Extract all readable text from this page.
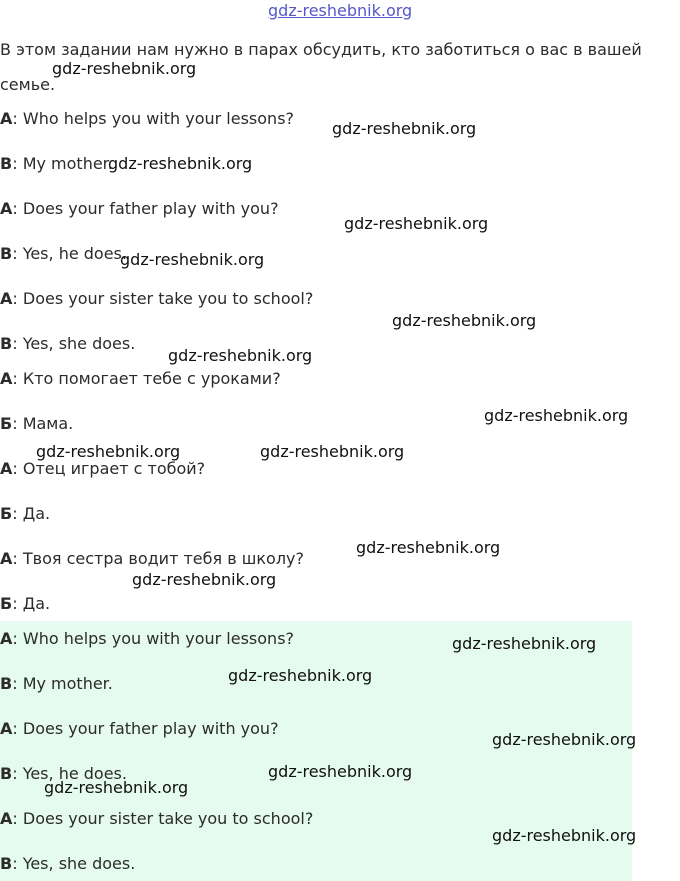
gdz-reshebnik.org
В этом задании нам нужно в парах обсудить, кто заботиться о вас в вашей семье.
A: Who helps you with your lessons?
B: My mother.
A: Does your father play with you?
B: Yes, he does.
A: Does your sister take you to school?
B: Yes, she does.
А: Кто помогает тебе с уроками?
Б: Мама.
А: Отец играет с тобой?
Б: Да.
А: Твоя сестра водит тебя в школу?
Б: Да.
A: Who helps you with your lessons?
B: My mother.
A: Does your father play with you?
B: Yes, he does.
A: Does your sister take you to school?
B: Yes, she does.
gdz-reshebnik.org
gdz-reshebnik.org
gdz-reshebnik.org
gdz-reshebnik.org
gdz-reshebnik.org
gdz-reshebnik.org
gdz-reshebnik.org
gdz-reshebnik.org
gdz-reshebnik.org	gdz-reshebnik.org
gdz-reshebnik.org
gdz-reshebnik.org
gdz-reshebnik.org
gdz-reshebnik.org
gdz-reshebnik.org
gdz-reshebnik.org
gdz-reshebnik.org
gdz-reshebnik.org
